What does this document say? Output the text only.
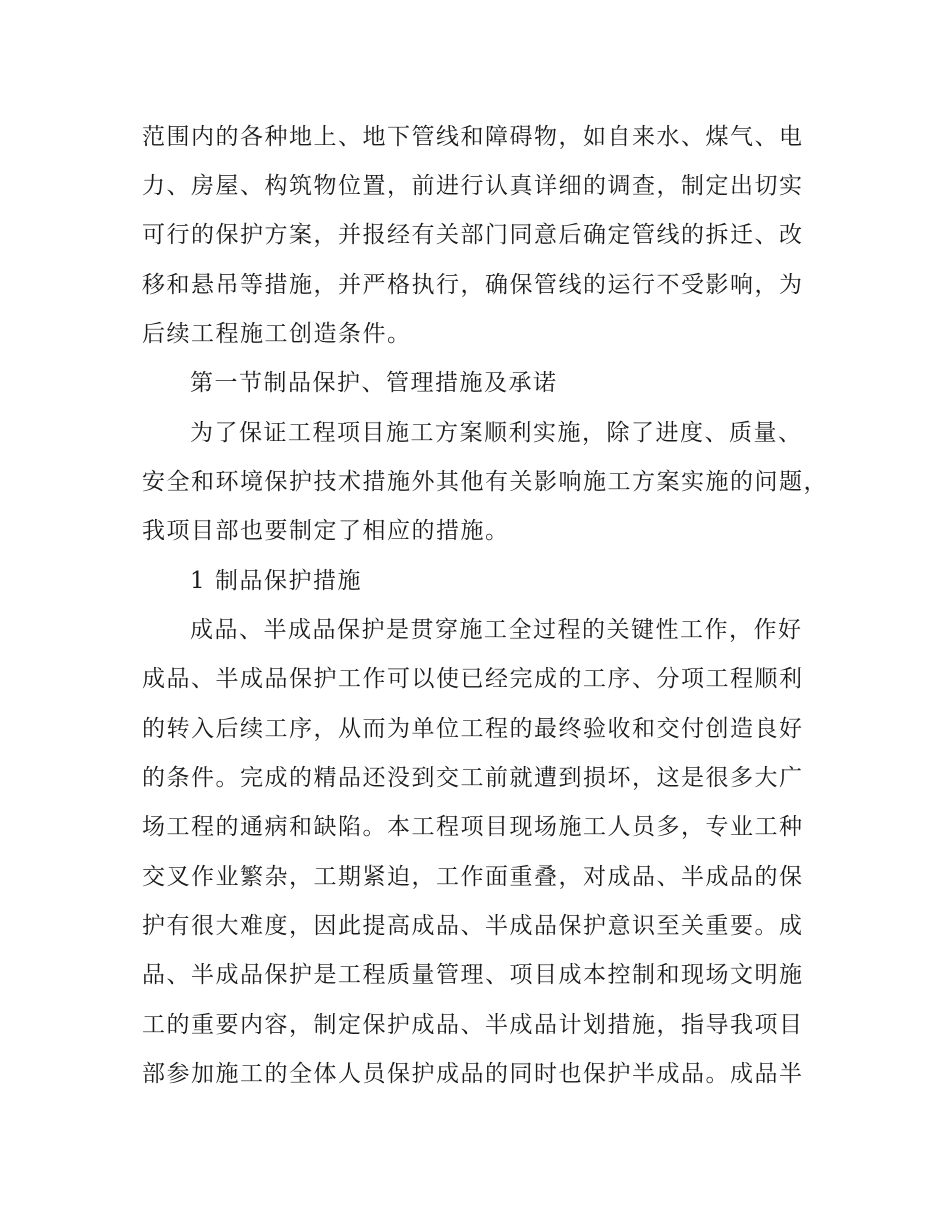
范围内的各种地上、地下管线和障碍物，如自来水、煤气、电
力、房屋、构筑物位置，前进行认真详细的调查，制定出切实
可行的保护方案，并报经有关部门同意后确定管线的拆迁、改
移和悬吊等措施，并严格执行，确保管线的运行不受影响，为
后续工程施工创造条件。
第一节制品保护、管理措施及承诺
为了保证工程项目施工方案顺利实施，除了进度、质量、
安全和环境保护技术措施外其他有关影响施工方案实施的问题，
我项目部也要制定了相应的措施。
1 制品保护措施
成品、半成品保护是贯穿施工全过程的关键性工作，作好
成品、半成品保护工作可以使已经完成的工序、分项工程顺利
的转入后续工序，从而为单位工程的最终验收和交付创造良好
的条件。完成的精品还没到交工前就遭到损坏，这是很多大广
场工程的通病和缺陷。本工程项目现场施工人员多，专业工种
交叉作业繁杂，工期紧迫，工作面重叠，对成品、半成品的保
护有很大难度，因此提高成品、半成品保护意识至关重要。成
品、半成品保护是工程质量管理、项目成本控制和现场文明施
工的重要内容，制定保护成品、半成品计划措施，指导我项目
部参加施工的全体人员保护成品的同时也保护半成品。成品半
